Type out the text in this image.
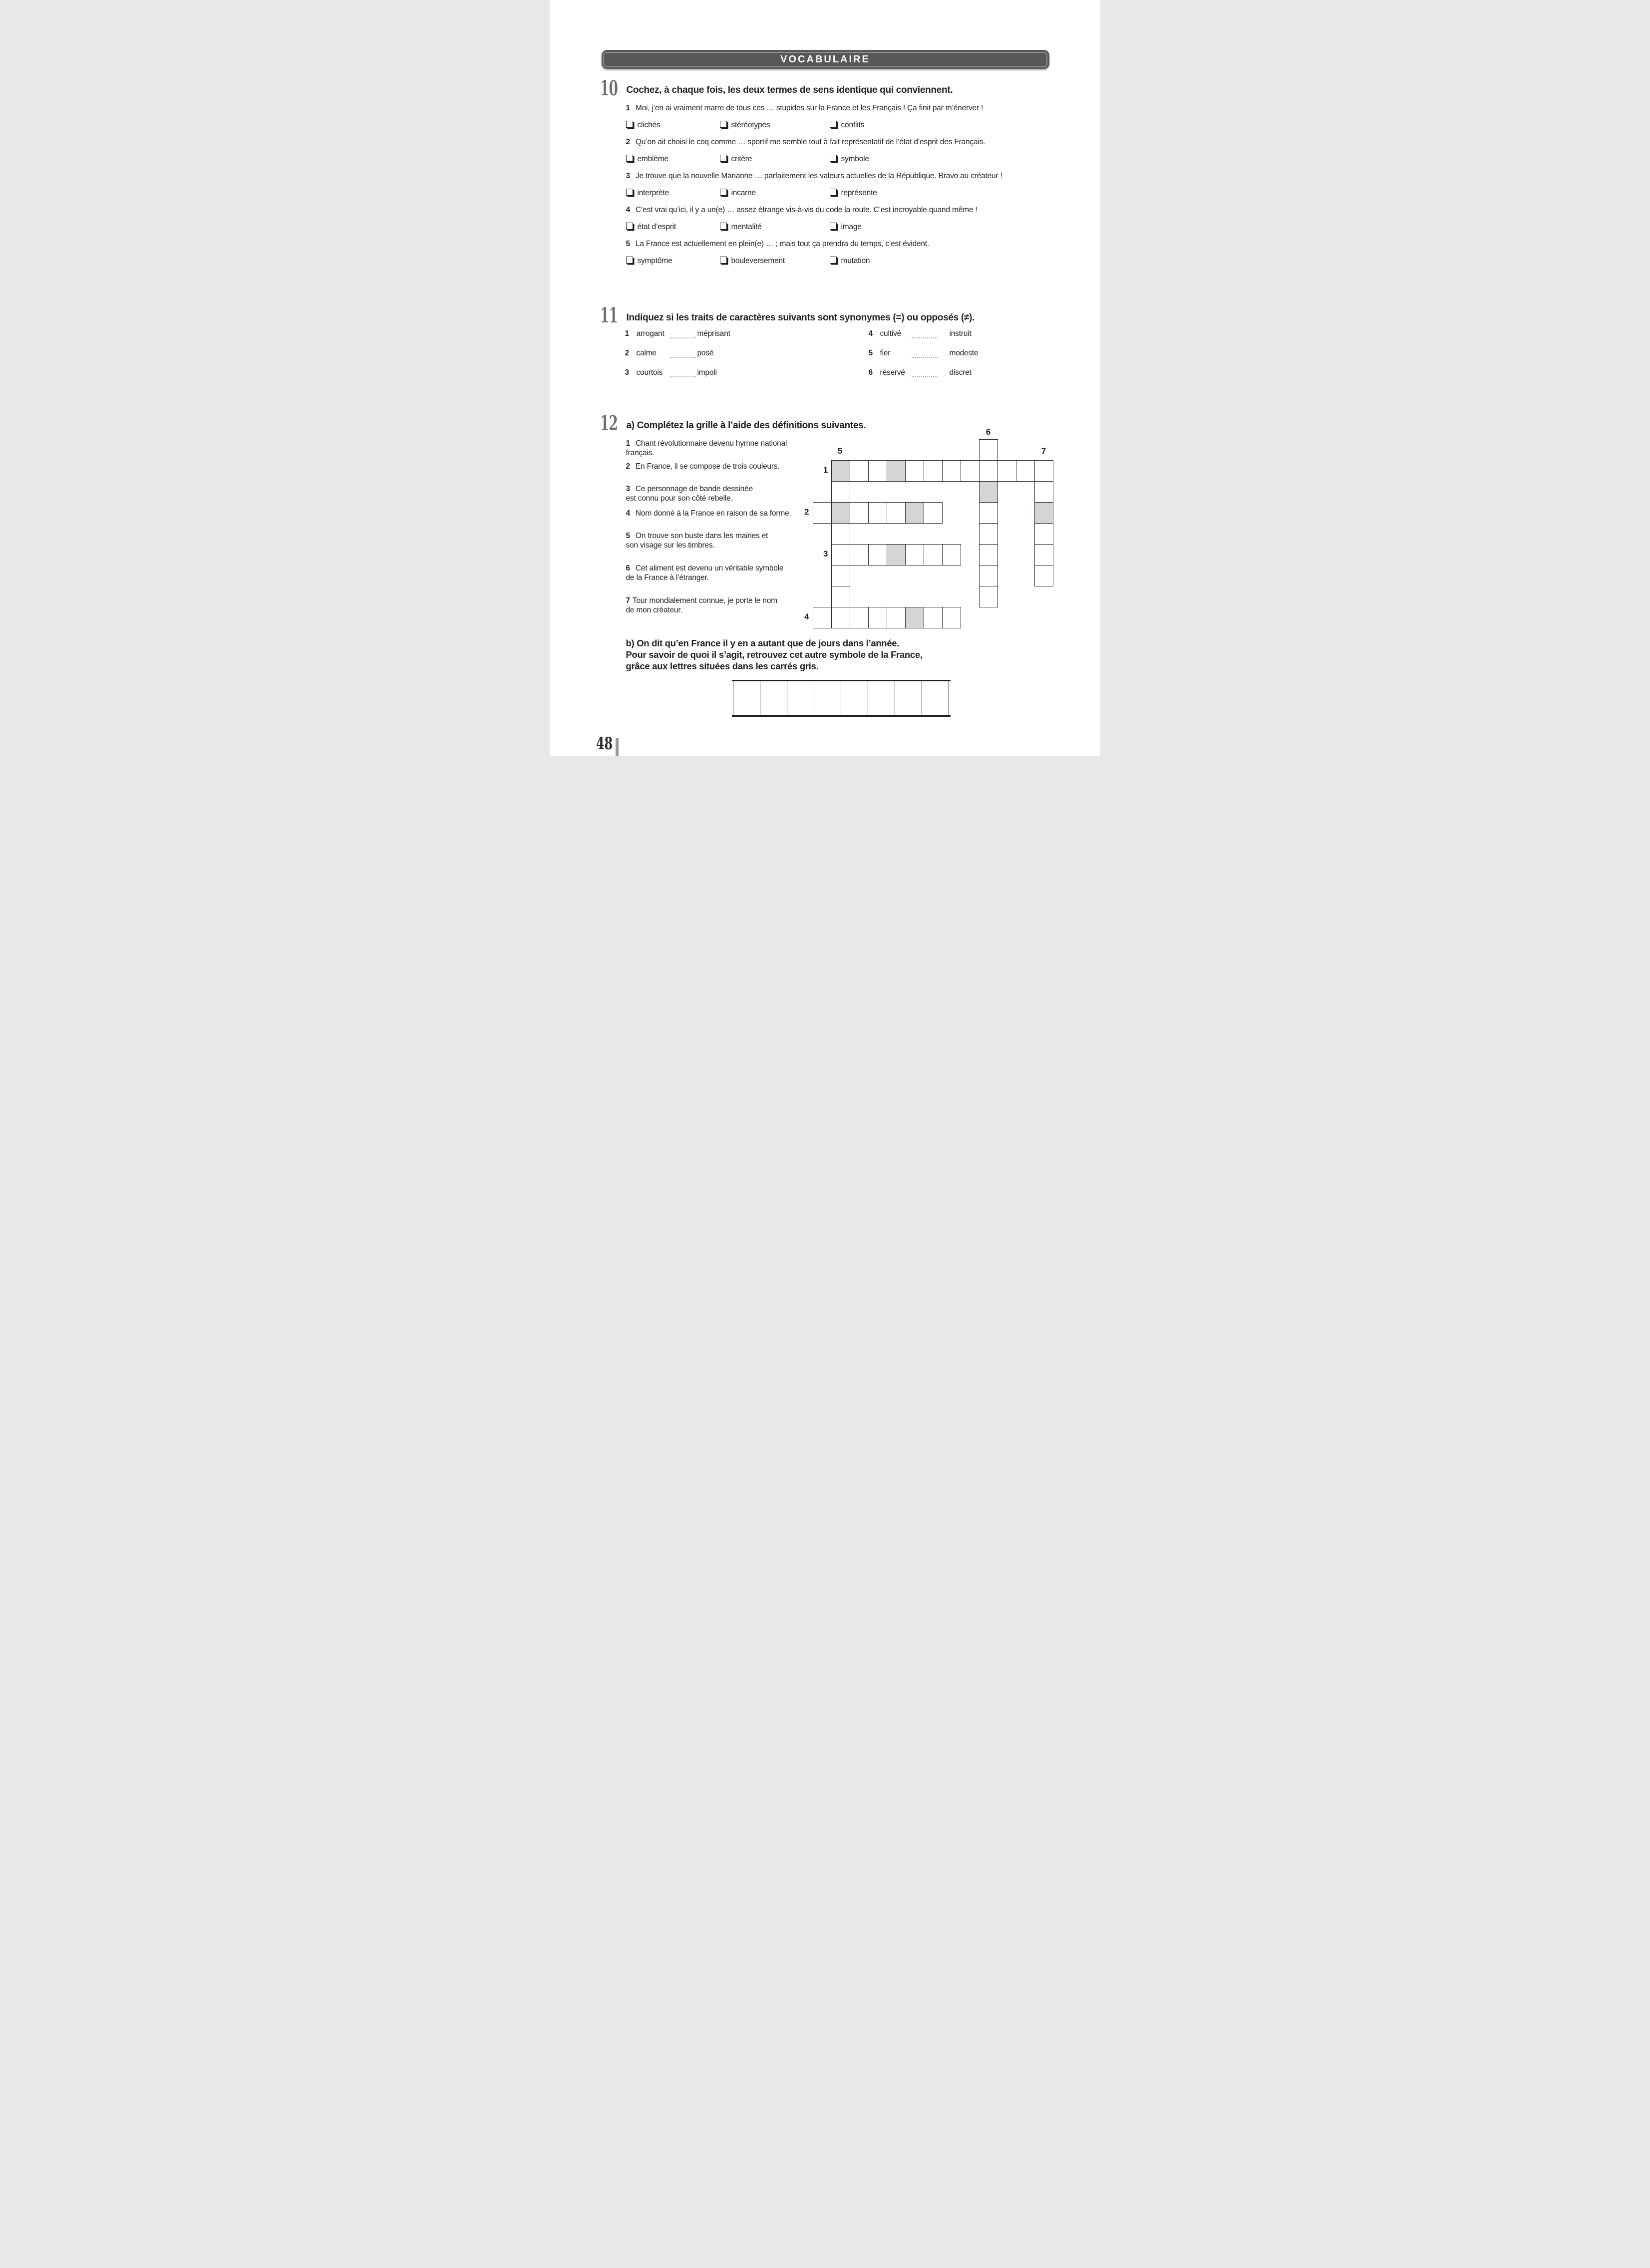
VOCABULAIRE
10 Cochez, à chaque fois, les deux termes de sens identique qui conviennent.
1 Moi, j’en ai vraiment marre de tous ces … stupides sur la France et les Français ! Ça finit par m’énerver !
clichés	stéréotypes	conflits
2 Qu’on ait choisi le coq comme … sportif me semble tout à fait représentatif de l’état d’esprit des Français.
emblème	critère	symbole
3 Je trouve que la nouvelle Marianne … parfaitement les valeurs actuelles de la République. Bravo au créateur !
interprète	incarne	représente
4 C’est vrai qu’ici, il y a un(e) … assez étrange vis-à-vis du code la route. C’est incroyable quand même !
état d’esprit	mentalité	image
5 La France est actuellement en plein(e) … ; mais tout ça prendra du temps, c’est évident.
symptôme	bouleversement	mutation
11 Indiquez si les traits de caractères suivants sont synonymes (=) ou opposés (≠).
1 arrogant	méprisant	4 cultivé	instruit
2 calme	posé	5 fier	modeste
3 courtois	impoli	6 réservé	discret
12 a) Complétez la grille à l’aide des définitions suivantes.
1 Chant révolutionnaire devenu hymne national français.
2 En France, il se compose de trois couleurs.
3 Ce personnage de bande dessinée
est connu pour son côté rebelle.
4 Nom donné à la France en raison de sa forme.
5 On trouve son buste dans les mairies et
son visage sur les timbres.
6 Cet aliment est devenu un véritable symbole
de la France à l’étranger.
7 Tour mondialement connue, je porte le nom
de mon créateur.
5
6
7
1
2
3
4
b) On dit qu’en France il y en a autant que de jours dans l’année.
Pour savoir de quoi il s’agit, retrouvez cet autre symbole de la France,
grâce aux lettres situées dans les carrés gris.
48
